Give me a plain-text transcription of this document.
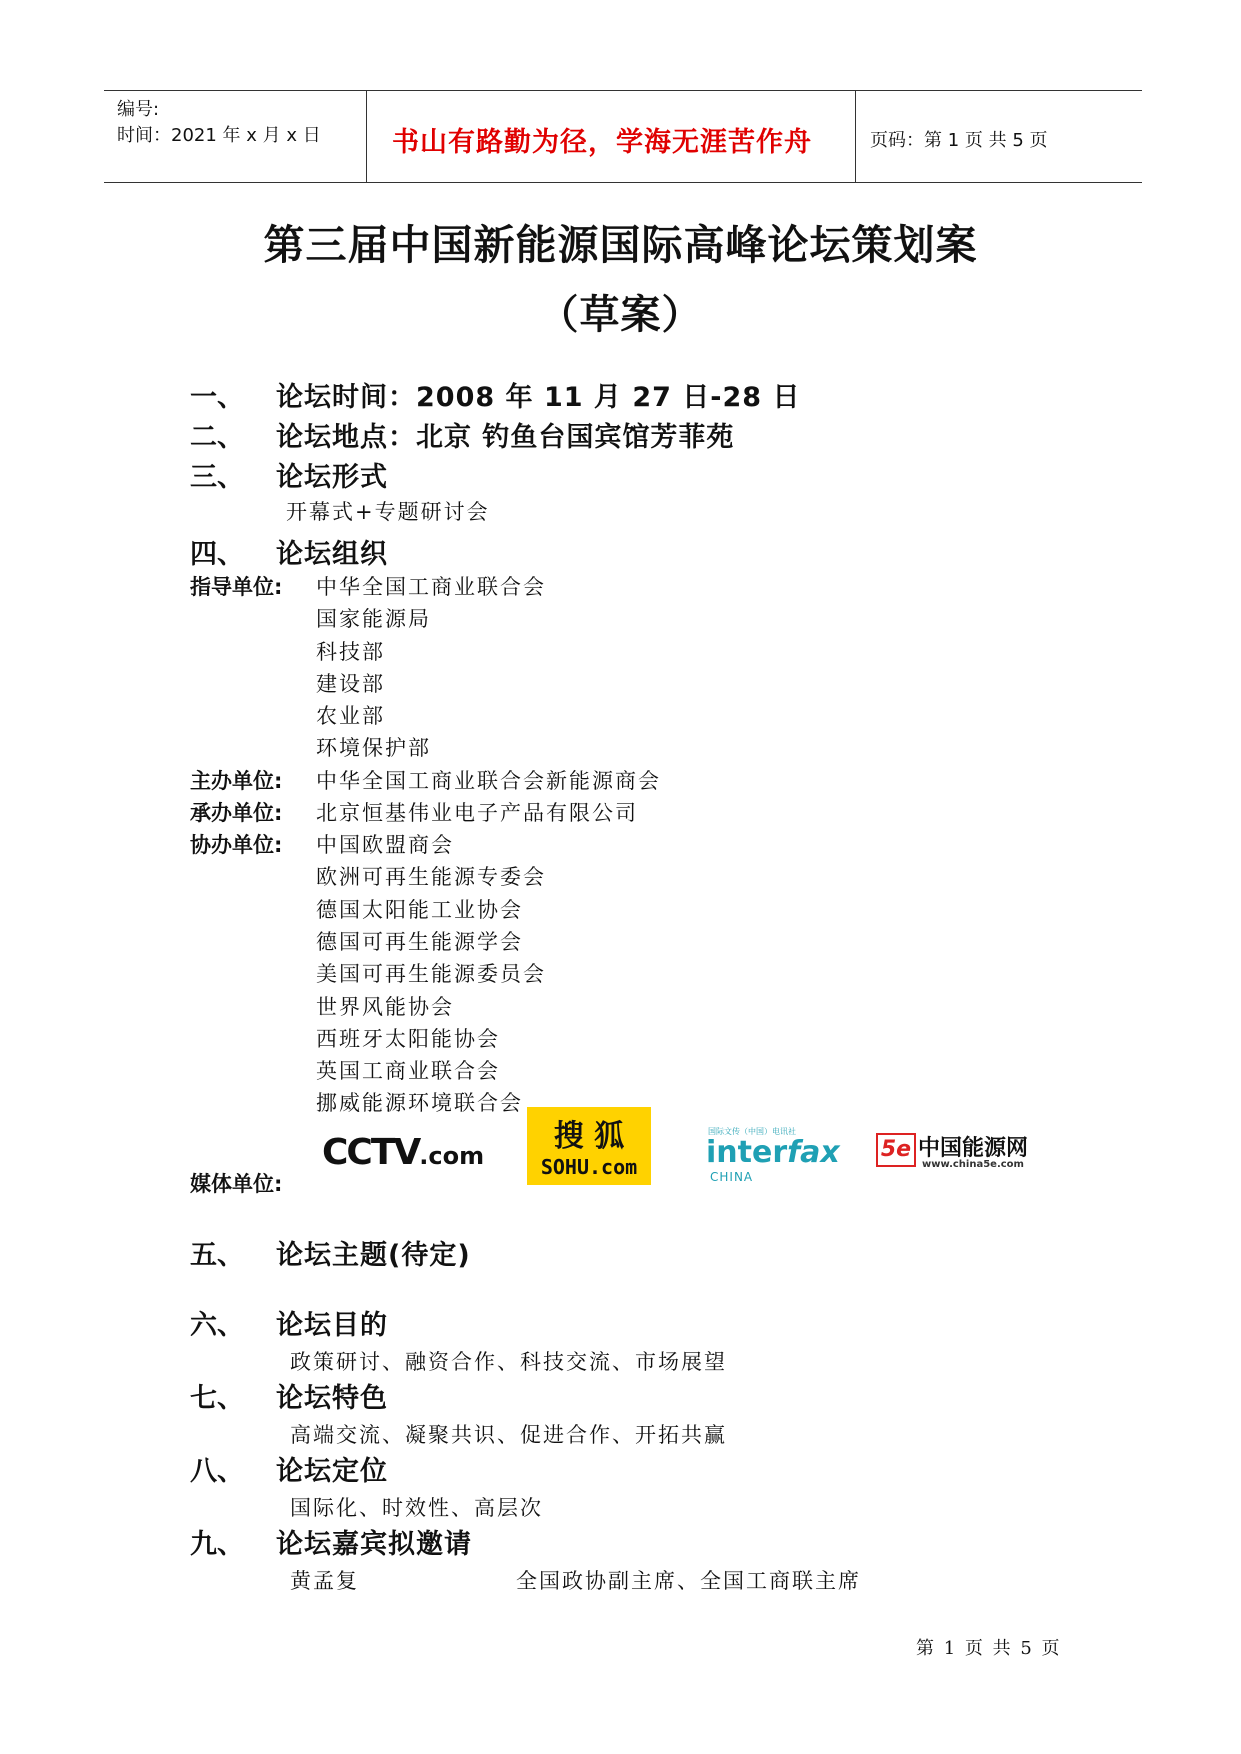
编号:
时间：2021 年 x 月 x 日	书山有路勤为径，学海无涯苦作舟	页码：第 1 页 共 5 页
第三届中国新能源国际高峰论坛策划案
（草案）
一、 论坛时间：2008 年 11 月 27 日-28 日
二、 论坛地点：北京 钓鱼台国宾馆芳菲苑
三、 论坛形式
开幕式+专题研讨会
四、 论坛组织
指导单位: 中华全国工商业联合会
国家能源局
科技部
建设部
农业部
环境保护部
主办单位: 中华全国工商业联合会新能源商会
承办单位: 北京恒基伟业电子产品有限公司
协办单位: 中国欧盟商会
欧洲可再生能源专委会
德国太阳能工业协会
德国可再生能源学会
美国可再生能源委员会
世界风能协会
西班牙太阳能协会
英国工商业联合会
挪威能源环境联合会
媒体单位:
CCTV.com
搜 狐
SOHU.com
国际文传（中国）电讯社
interfax
CHINA
5e 中国能源网
www.china5e.com
五、 论坛主题(待定)
六、 论坛目的
政策研讨、融资合作、科技交流、市场展望
七、 论坛特色
高端交流、凝聚共识、促进合作、开拓共赢
八、 论坛定位
国际化、时效性、高层次
九、 论坛嘉宾拟邀请
黄孟复	全国政协副主席、全国工商联主席
第 1 页 共 5 页
